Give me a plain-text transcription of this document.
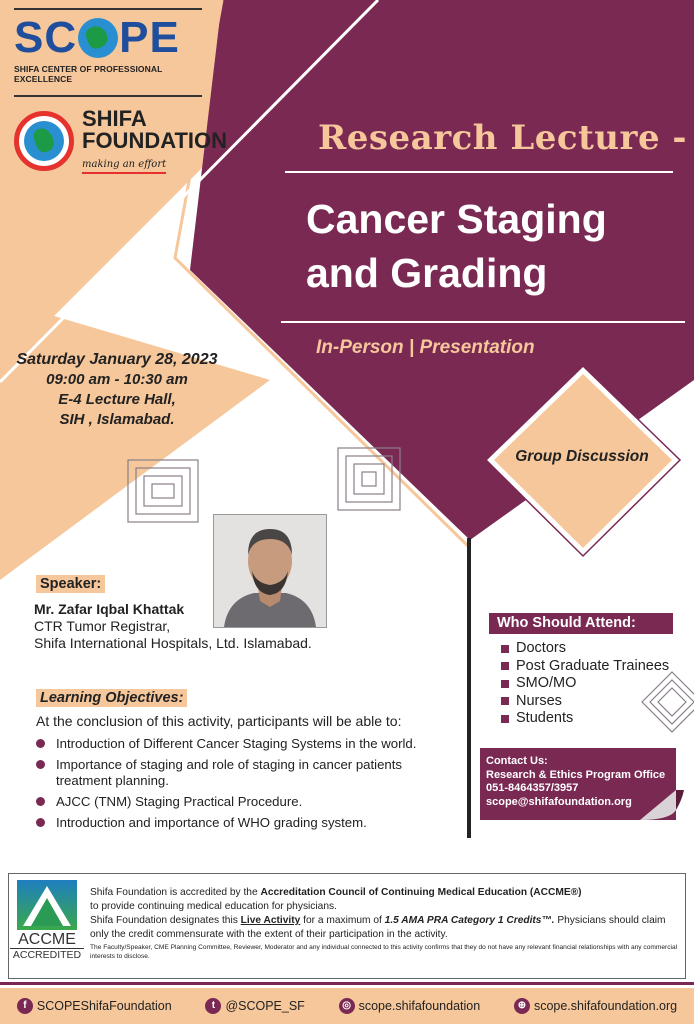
SC PE
SHIFA CENTER OF PROFESSIONAL EXCELLENCE
SHIFA
FOUNDATION
making an effort
Research Lecture -
Cancer Staging
and Grading
In-Person | Presentation
Saturday January 28, 2023
09:00 am - 10:30 am
E-4 Lecture Hall,
SIH , Islamabad.
Group Discussion
Speaker:
Mr. Zafar Iqbal Khattak
CTR Tumor Registrar,
Shifa International Hospitals, Ltd. Islamabad.
Learning Objectives:
At the conclusion of this activity, participants will be able to:
Introduction of Different Cancer Staging Systems in the world.
Importance of staging and role of staging in cancer patients treatment planning.
AJCC (TNM) Staging Practical Procedure.
Introduction and importance of WHO grading system.
Who Should Attend:
Doctors
Post Graduate Trainees
SMO/MO
Nurses
Students
Contact Us:
Research & Ethics Program Office
051-8464357/3957
scope@shifafoundation.org
ACCME
ACCREDITED
Shifa Foundation is accredited by the Accreditation Council of Continuing Medical Education (ACCME®)
to provide continuing medical education for physicians.
Shifa Foundation designates this Live Activity for a maximum of 1.5 AMA PRA Category 1 Credits™. Physicians should claim
only the credit commensurate with the extent of their participation in the activity.
The Faculty/Speaker, CME Planning Committee, Reviewer, Moderator and any individual connected to this activity confirms that they do not have any relevant financial relationships with any commercial interests to disclose.
f SCOPEShifaFoundation	t @SCOPE_SF	◎ scope.shifafoundation	⊕ scope.shifafoundation.org
